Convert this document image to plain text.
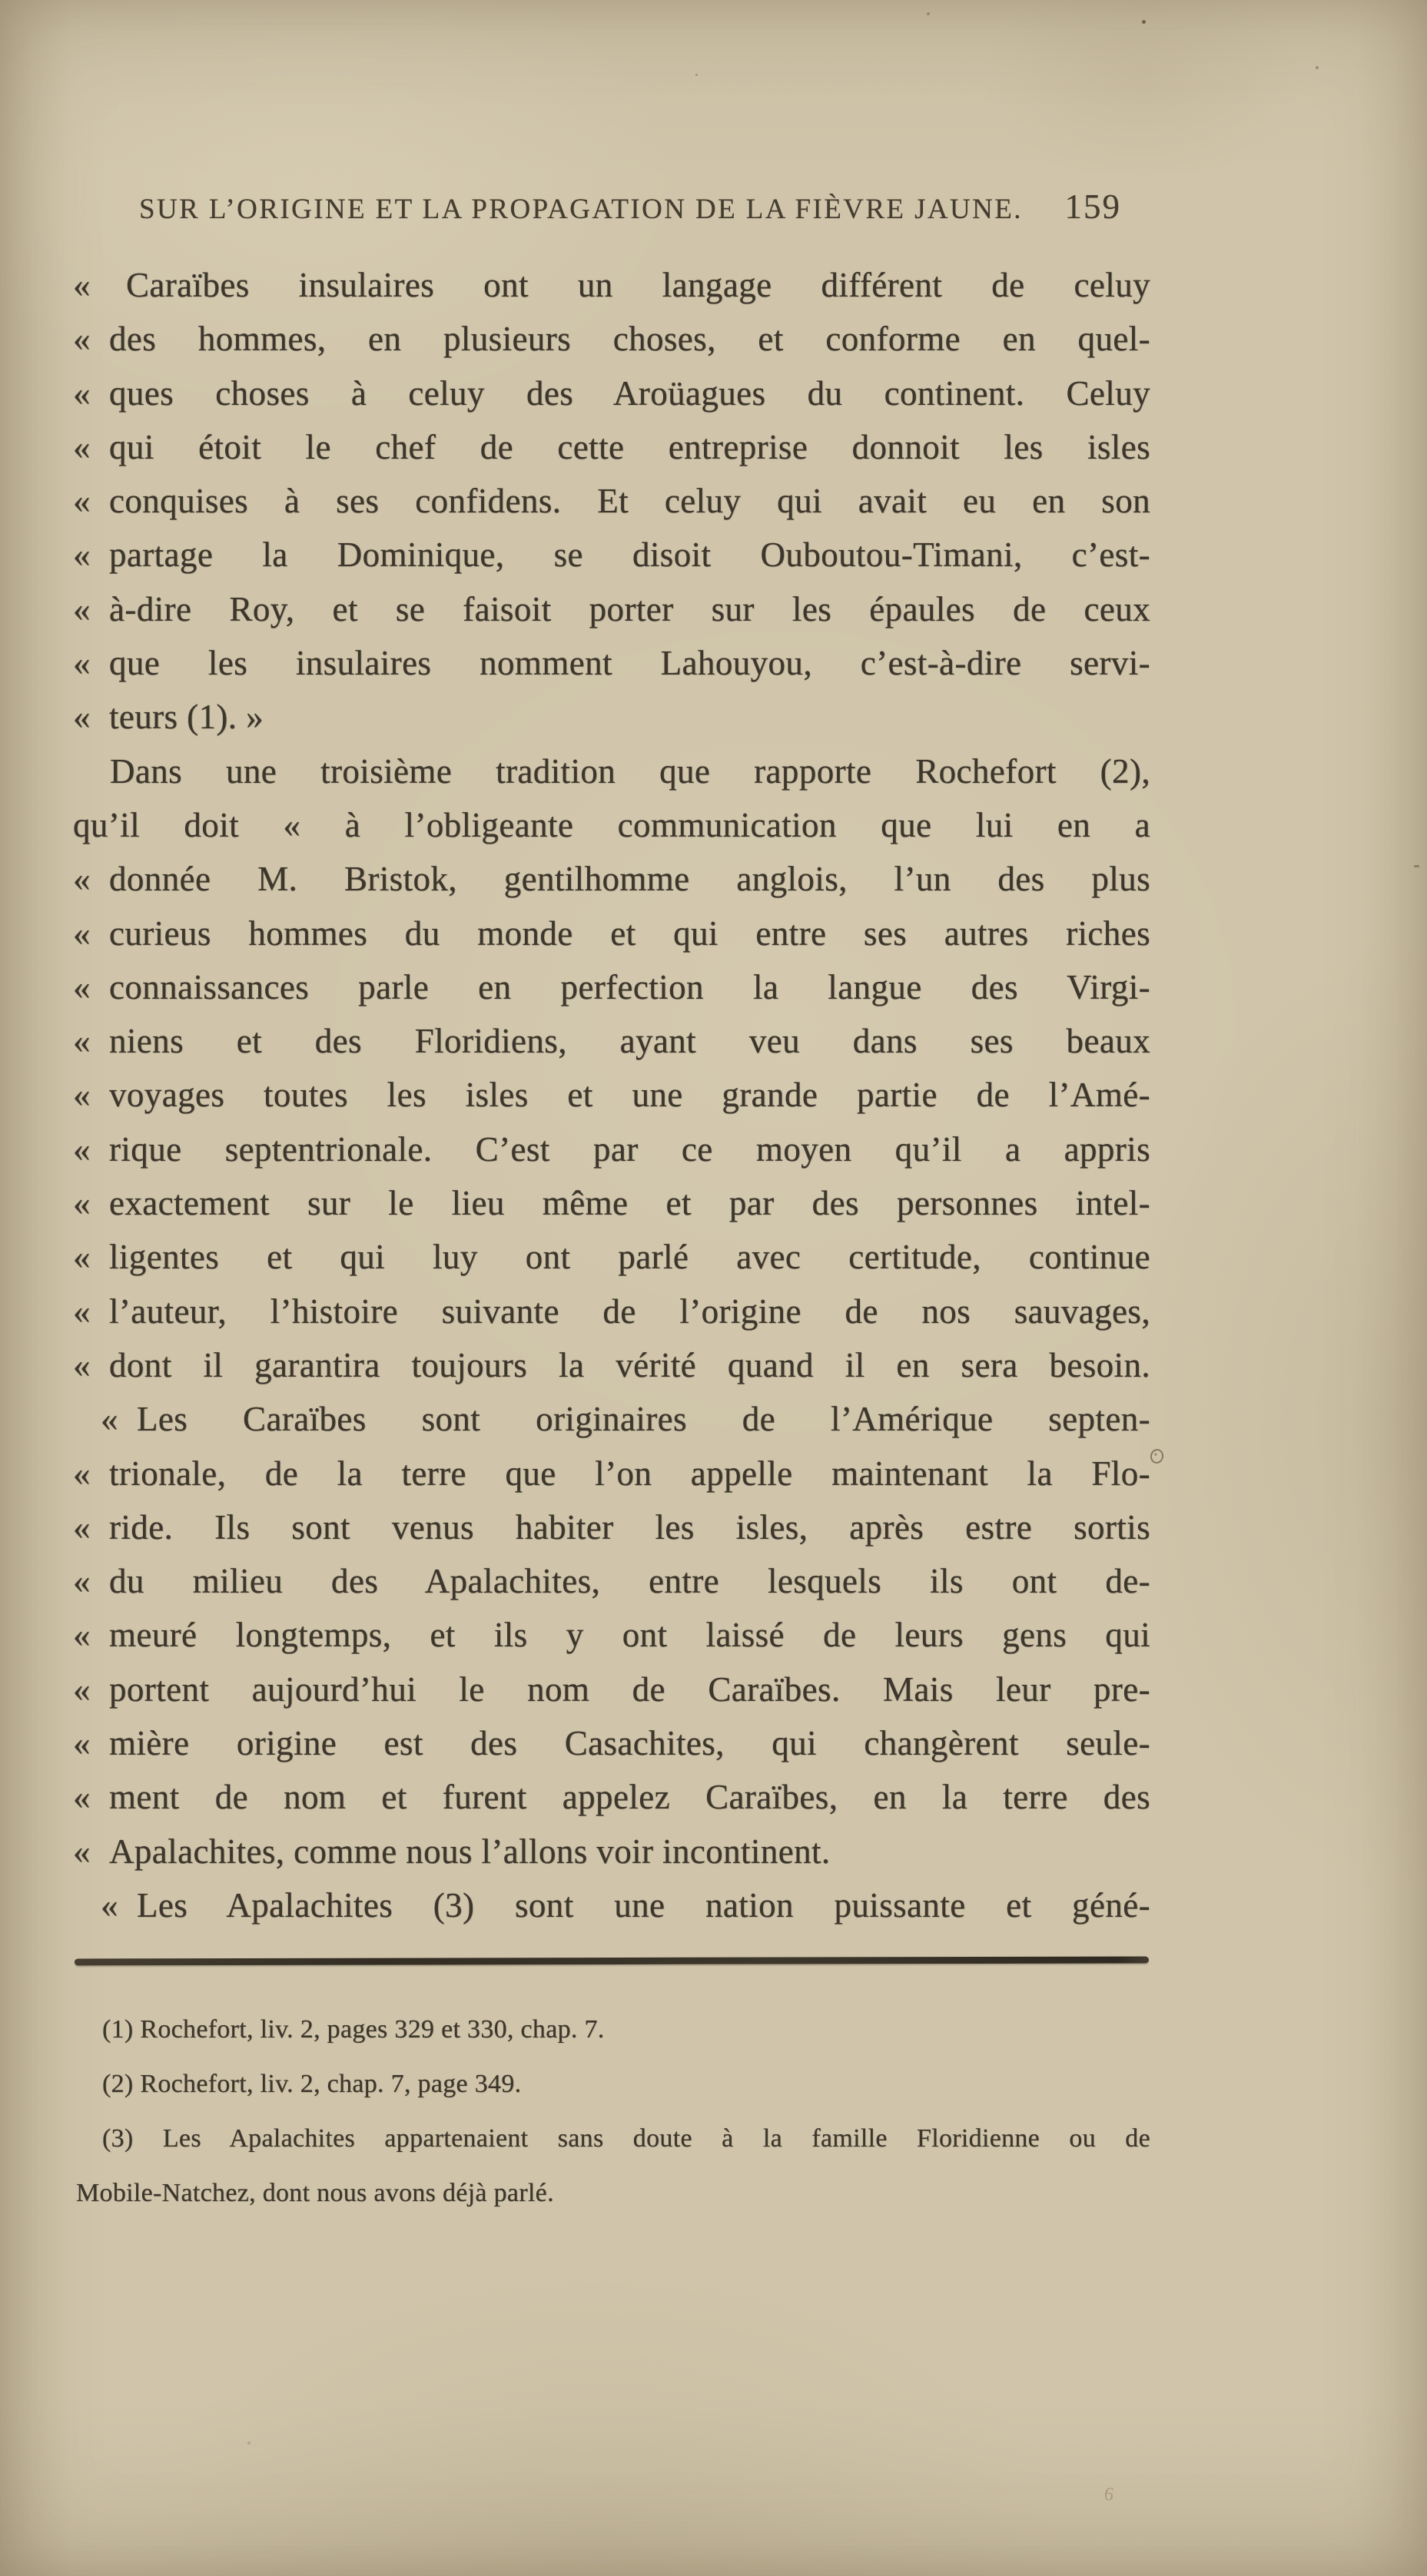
SUR L’ORIGINE ET LA PROPAGATION DE LA FIÈVRE JAUNE. 159
«	Caraïbes insulaires ont un langage différent de celuy
« des hommes, en plusieurs choses, et conforme en quel-
« ques choses à celuy des Aroüagues du continent. Celuy
« qui étoit le chef de cette entreprise donnoit les isles
« conquises à ses confidens. Et celuy qui avait eu en son
« partage la Dominique, se disoit Ouboutou-Timani, c’est-
« à-dire Roy, et se faisoit porter sur les épaules de ceux
« que les insulaires nomment Lahouyou, c’est-à-dire servi-
« teurs (1). »
Dans une troisième tradition que rapporte Rochefort (2),
qu’il doit « à l’obligeante communication que lui en a
« donnée M. Bristok, gentilhomme anglois, l’un des plus
« curieus hommes du monde et qui entre ses autres riches
« connaissances parle en perfection la langue des Virgi-
« niens et des Floridiens, ayant veu dans ses beaux
« voyages toutes les isles et une grande partie de l’Amé-
« rique septentrionale. C’est par ce moyen qu’il a appris
« exactement sur le lieu même et par des personnes intel-
« ligentes et qui luy ont parlé avec certitude, continue
« l’auteur, l’histoire suivante de l’origine de nos sauvages,
« dont il garantira toujours la vérité quand il en sera besoin.
« Les Caraïbes sont originaires de l’Amérique septen-
« trionale, de la terre que l’on appelle maintenant la Flo-
« ride. Ils sont venus habiter les isles, après estre sortis
« du milieu des Apalachites, entre lesquels ils ont de-
« meuré longtemps, et ils y ont laissé de leurs gens qui
« portent aujourd’hui le nom de Caraïbes. Mais leur pre-
« mière origine est des Casachites, qui changèrent seule-
« ment de nom et furent appelez Caraïbes, en la terre des
« Apalachites, comme nous l’allons voir incontinent.
« Les Apalachites (3) sont une nation puissante et géné-
(1) Rochefort, liv. 2, pages 329 et 330, chap. 7.
(2) Rochefort, liv. 2, chap. 7, page 349.
(3) Les Apalachites appartenaient sans doute à la famille Floridienne ou de
Mobile-Natchez, dont nous avons déjà parlé.
6
